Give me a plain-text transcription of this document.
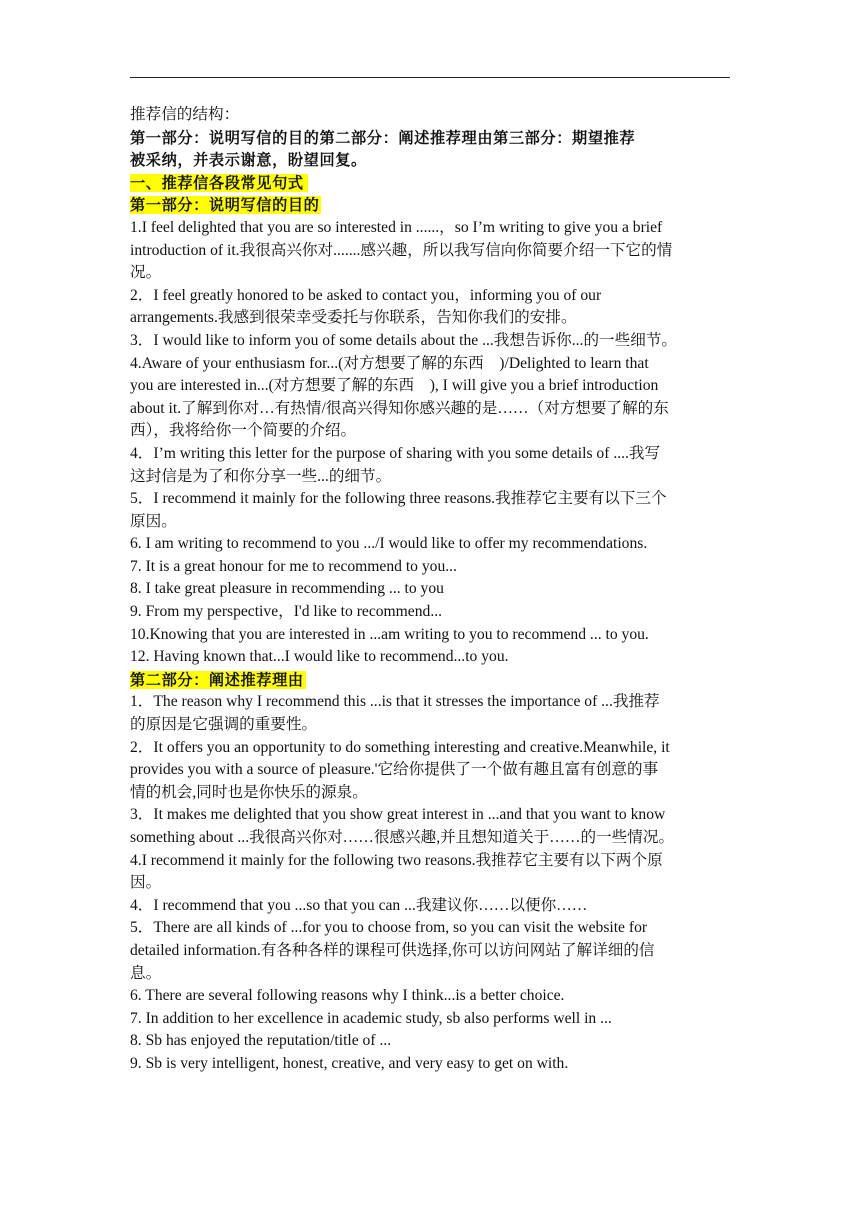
推荐信的结构：
第一部分：说明写信的目的第二部分：阐述推荐理由第三部分：期望推荐
被采纳，并表示谢意，盼望回复。
一、推荐信各段常见句式
第一部分：说明写信的目的
1.I feel delighted that you are so interested in ......，so I’m writing to give you a brief
introduction of it.我很高兴你对.......感兴趣，所以我写信向你简要介绍一下它的情
况。
2．I feel greatly honored to be asked to contact you，informing you of our
arrangements.我感到很荣幸受委托与你联系，告知你我们的安排。
3．I would like to inform you of some details about the ...我想告诉你...的一些细节。
4.Aware of your enthusiasm for...(对方想要了解的东西　)/Delighted to learn that
you are interested in...(对方想要了解的东西　), I will give you a brief introduction
about it.了解到你对…有热情/很高兴得知你感兴趣的是……（对方想要了解的东
西），我将给你一个简要的介绍。
4．I’m writing this letter for the purpose of sharing with you some details of ....我写
这封信是为了和你分享一些...的细节。
5．I recommend it mainly for the following three reasons.我推荐它主要有以下三个
原因。
6. I am writing to recommend to you .../I would like to offer my recommendations.
7. It is a great honour for me to recommend to you...
8. I take great pleasure in recommending ... to you
9. From my perspective，I'd like to recommend...
10.Knowing that you are interested in ...am writing to you to recommend ... to you.
12. Having known that...I would like to recommend...to you.
第二部分：阐述推荐理由
1．The reason why I recommend this ...is that it stresses the importance of ...我推荐
的原因是它强调的重要性。
2．It offers you an opportunity to do something interesting and creative.Meanwhile, it
provides you with a source of pleasure.'它给你提供了一个做有趣且富有创意的事
情的机会,同时也是你快乐的源泉。
3．It makes me delighted that you show great interest in ...and that you want to know
something about ...我很高兴你对……很感兴趣,并且想知道关于……的一些情况。
4.I recommend it mainly for the following two reasons.我推荐它主要有以下两个原
因。
4．I recommend that you ...so that you can ...我建议你……以便你……
5．There are all kinds of ...for you to choose from, so you can visit the website for
detailed information.有各种各样的课程可供选择,你可以访问网站了解详细的信
息。
6. There are several following reasons why I think...is a better choice.
7. In addition to her excellence in academic study, sb also performs well in ...
8. Sb has enjoyed the reputation/title of ...
9. Sb is very intelligent, honest, creative, and very easy to get on with.
